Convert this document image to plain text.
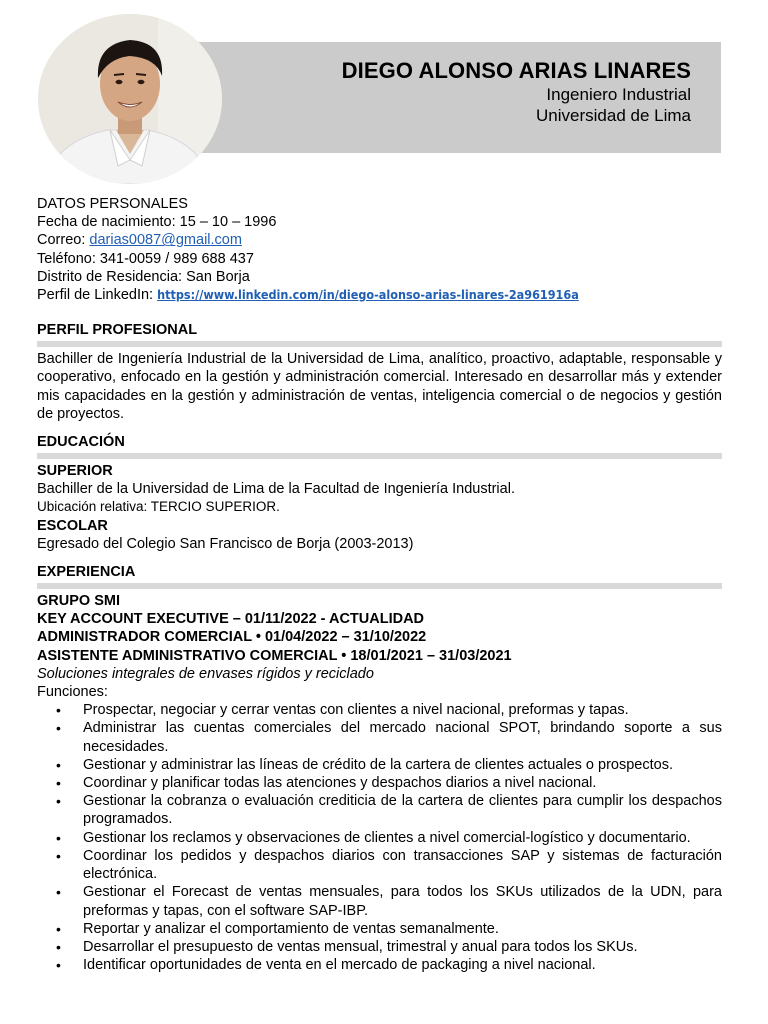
DIEGO ALONSO ARIAS LINARES
Ingeniero Industrial
Universidad de Lima
DATOS PERSONALES
Fecha de nacimiento: 15 – 10 – 1996
Correo: darias0087@gmail.com
Teléfono: 341-0059 / 989 688 437
Distrito de Residencia: San Borja
Perfil de LinkedIn: https://www.linkedin.com/in/diego-alonso-arias-linares-2a961916a
PERFIL PROFESIONAL
Bachiller de Ingeniería Industrial de la Universidad de Lima, analítico, proactivo, adaptable, responsable y cooperativo, enfocado en la gestión y administración comercial. Interesado en desarrollar más y extender mis capacidades en la gestión y administración de ventas, inteligencia comercial o de negocios y gestión de proyectos.
EDUCACIÓN
SUPERIOR
Bachiller de la Universidad de Lima de la Facultad de Ingeniería Industrial.
Ubicación relativa: TERCIO SUPERIOR.
ESCOLAR
Egresado del Colegio San Francisco de Borja (2003-2013)
EXPERIENCIA
GRUPO SMI
KEY ACCOUNT EXECUTIVE – 01/11/2022 - ACTUALIDAD
ADMINISTRADOR COMERCIAL • 01/04/2022 – 31/10/2022
ASISTENTE ADMINISTRATIVO COMERCIAL • 18/01/2021 – 31/03/2021
Soluciones integrales de envases rígidos y reciclado
Funciones:
• Prospectar, negociar y cerrar ventas con clientes a nivel nacional, preformas y tapas.
• Administrar las cuentas comerciales del mercado nacional SPOT, brindando soporte a sus necesidades.
• Gestionar y administrar las líneas de crédito de la cartera de clientes actuales o prospectos.
• Coordinar y planificar todas las atenciones y despachos diarios a nivel nacional.
• Gestionar la cobranza o evaluación crediticia de la cartera de clientes para cumplir los despachos programados.
• Gestionar los reclamos y observaciones de clientes a nivel comercial-logístico y documentario.
• Coordinar los pedidos y despachos diarios con transacciones SAP y sistemas de facturación electrónica.
• Gestionar el Forecast de ventas mensuales, para todos los SKUs utilizados de la UDN, para preformas y tapas, con el software SAP-IBP.
• Reportar y analizar el comportamiento de ventas semanalmente.
• Desarrollar el presupuesto de ventas mensual, trimestral y anual para todos los SKUs.
• Identificar oportunidades de venta en el mercado de packaging a nivel nacional.
